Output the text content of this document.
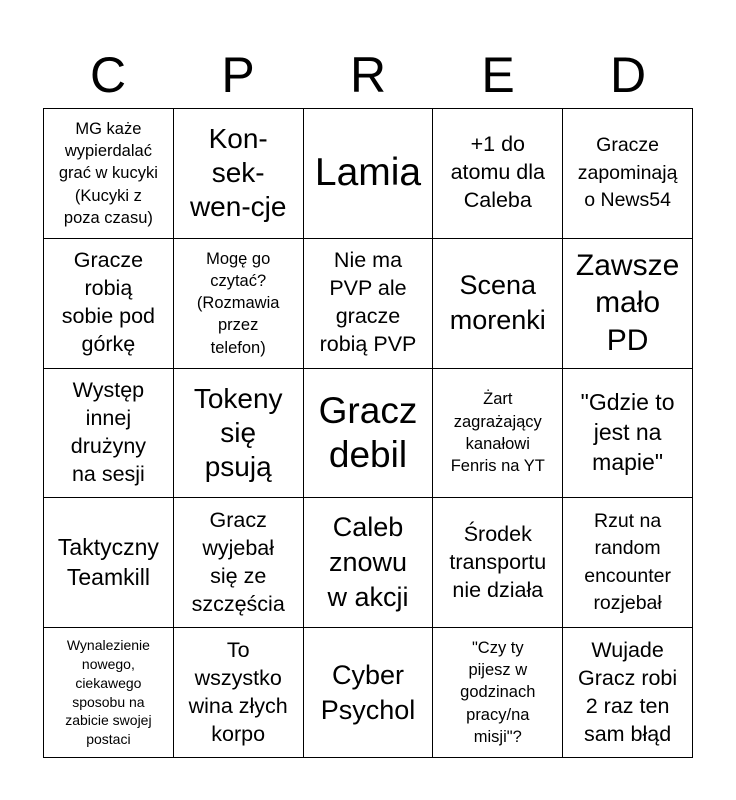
C	P	R	E	D
MG każe
wypierdalać
grać w kucyki
(Kucyki z
poza czasu)
Kon-
sek-
wen-cje
Lamia
+1 do
atomu dla
Caleba
Gracze
zapominają
o News54
Gracze
robią
sobie pod
górkę
Mogę go
czytać?
(Rozmawia
przez
telefon)
Nie ma
PVP ale
gracze
robią PVP
Scena
morenki
Zawsze
mało
PD
Występ
innej
drużyny
na sesji
Tokeny
się
psują
Gracz
debil
Żart
zagrażający
kanałowi
Fenris na YT
"Gdzie to
jest na
mapie"
Taktyczny
Teamkill
Gracz
wyjebał
się ze
szczęścia
Caleb
znowu
w akcji
Środek
transportu
nie działa
Rzut na
random
encounter
rozjebał
Wynalezienie
nowego,
ciekawego
sposobu na
zabicie swojej
postaci
To
wszystko
wina złych
korpo
Cyber
Psychol
"Czy ty
pijesz w
godzinach
pracy/na
misji"?
Wujade
Gracz robi
2 raz ten
sam błąd
